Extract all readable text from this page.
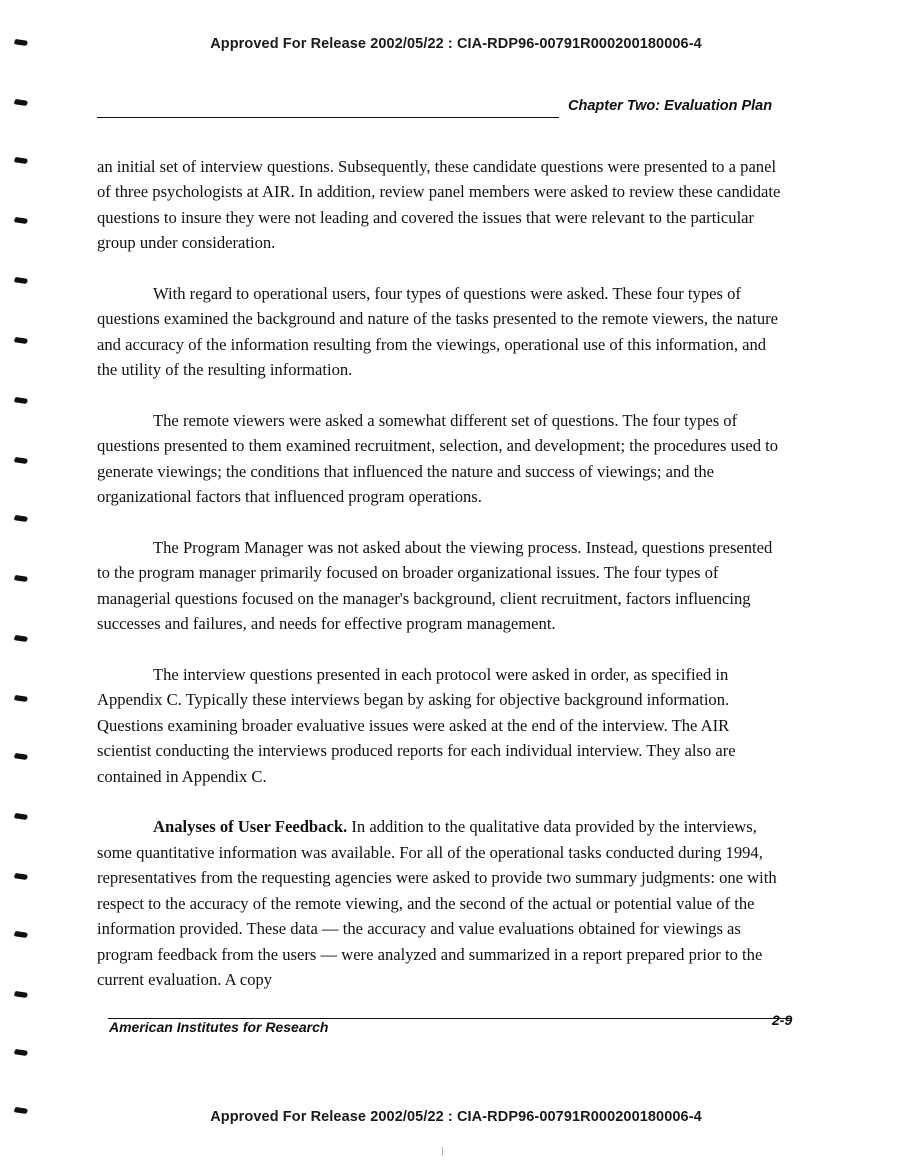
Approved For Release 2002/05/22 : CIA-RDP96-00791R000200180006-4
Chapter Two: Evaluation Plan

an initial set of interview questions. Subsequently, these candidate questions were presented to a panel of three psychologists at AIR. In addition, review panel members were asked to review these candidate questions to insure they were not leading and covered the issues that were relevant to the particular group under consideration.

With regard to operational users, four types of questions were asked. These four types of questions examined the background and nature of the tasks presented to the remote viewers, the nature and accuracy of the information resulting from the viewings, operational use of this information, and the utility of the resulting information.

The remote viewers were asked a somewhat different set of questions. The four types of questions presented to them examined recruitment, selection, and development; the procedures used to generate viewings; the conditions that influenced the nature and success of viewings; and the organizational factors that influenced program operations.

The Program Manager was not asked about the viewing process. Instead, questions presented to the program manager primarily focused on broader organizational issues. The four types of managerial questions focused on the manager's background, client recruitment, factors influencing successes and failures, and needs for effective program management.

The interview questions presented in each protocol were asked in order, as specified in Appendix C. Typically these interviews began by asking for objective background information. Questions examining broader evaluative issues were asked at the end of the interview. The AIR scientist conducting the interviews produced reports for each individual interview. They also are contained in Appendix C.

Analyses of User Feedback. In addition to the qualitative data provided by the interviews, some quantitative information was available. For all of the operational tasks conducted during 1994, representatives from the requesting agencies were asked to provide two summary judgments: one with respect to the accuracy of the remote viewing, and the second of the actual or potential value of the information provided. These data — the accuracy and value evaluations obtained for viewings as program feedback from the users — were analyzed and summarized in a report prepared prior to the current evaluation. A copy

American Institutes for Research	2-9
Approved For Release 2002/05/22 : CIA-RDP96-00791R000200180006-4
